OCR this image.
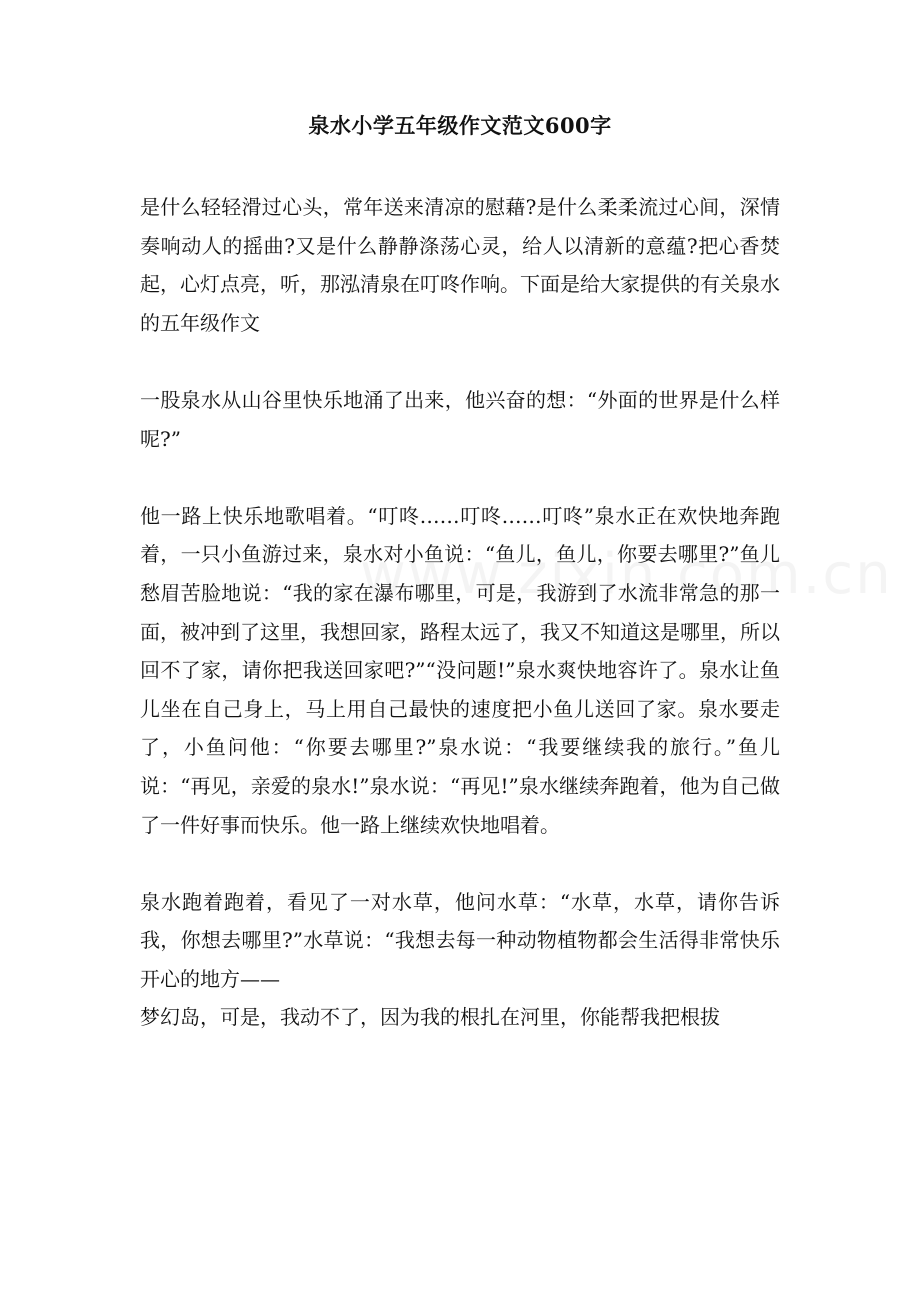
泉水小学五年级作文范文600字

是什么轻轻滑过心头，常年送来清凉的慰藉?是什么柔柔流过心间，深情奏响动人的摇曲?又是什么静静涤荡心灵，给人以清新的意蕴?把心香焚起，心灯点亮，听，那泓清泉在叮咚作响。下面是给大家提供的有关泉水的五年级作文

一股泉水从山谷里快乐地涌了出来，他兴奋的想：“外面的世界是什么样呢?”

他一路上快乐地歌唱着。“叮咚……叮咚……叮咚”泉水正在欢快地奔跑着，一只小鱼游过来，泉水对小鱼说：“鱼儿，鱼儿，你要去哪里?”鱼儿愁眉苦脸地说：“我的家在瀑布哪里，可是，我游到了水流非常急的那一面，被冲到了这里，我想回家，路程太远了，我又不知道这是哪里，所以回不了家，请你把我送回家吧?”“没问题!”泉水爽快地容许了。泉水让鱼儿坐在自己身上，马上用自己最快的速度把小鱼儿送回了家。泉水要走了，小鱼问他：“你要去哪里?”泉水说：“我要继续我的旅行。”鱼儿说：“再见，亲爱的泉水!”泉水说：“再见!”泉水继续奔跑着，他为自己做了一件好事而快乐。他一路上继续欢快地唱着。

泉水跑着跑着，看见了一对水草，他问水草：“水草，水草，请你告诉我，你想去哪里?”水草说：“我想去每一种动物植物都会生活得非常快乐开心的地方——

梦幻岛，可是，我动不了，因为我的根扎在河里，你能帮我把根拔
